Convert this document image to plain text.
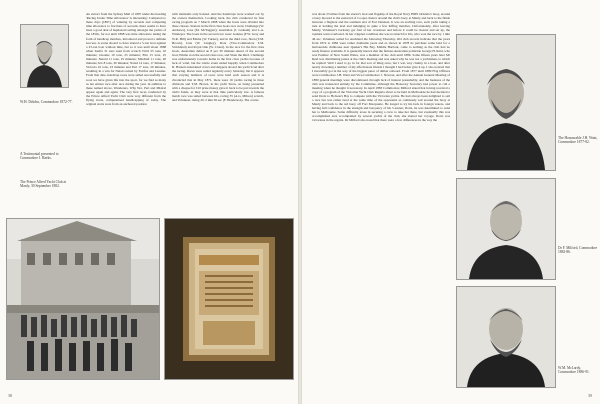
W.H. Delohn, Commodore 1872-77.
A Testimonial presented to Commodore I. Haeks.
The Prince Alfred Yacht Club at Manly, 30 September 1882.
An extract from the Sydney Mail of 1897 under the heading 'Racing Under Time Allowance' is interesting: Compared to these days [1897] of winning by seconds and computing time allowance to fractions of seconds, there seems to have been a good deal of haphazard sailing amongst the yachts of the 1850s, for not until 1868 was time allowance taking the form of handicap matches, introduced and proved a definite success. A scene aboard to have started a 5-ton boat against a 25-ton boat without time, but so it was until about 1868 when Xarifa 31 tons went from scratch Vivid 25 tons, 10 minutes; Gloame 10 tons, 25 minutes; Ella 15 tons, 25 minutes; Nereid 11 tons, 25 minutes; Mischief 11 tons, 20 minutes; Iris 8 tons, 30 minutes; Naiad 14 tons, 17 minutes; Victoria 10 tons, 23 minutes and Peri 17 tons, 20 minutes, resulting in a win for Naiad owned by Fairfax and Lassiter. From that date, handicap races were sailed successfully and soon we have given life into the sport, for we find as many as ten entries race after race during the year. In addition to these named above, Wanderers, Why Not, Peri and Mistral appear again and again. The very first races conducted by the Prince Alfred Yacht Club were very different from the flying starts, computerised handicapping of today. The original starts were from an anchored position
with mainsails only hoisted. And the handicaps were worked out by the owners themselves. Looking back, the club conducted its first racing program on 7 March 1868 when the boats were divided into three classes. Starters in the first class boats race were; Challenge (W. Andrews), Ione (M. McTaggart); Australian (J. Graham) and L.A. Windeyer. The boats in the second race were: Galatea (F.W. Gray and W.R. Hill) and Emma (W. Turner), and in the third race, Siren (T.M. Brown), Iona (W. Langley), Dora (Vice-Commodore T.M. Strickland) and Royal Oak (W. Cloud). In the race for the first class boats, Australian defied an 8 per 30 minutes ahead of the second boat; Emma won the second class race, and Siren the third. Challenge was unfortunately towards home in the first class yachts because of lack of wind, but the whole event ended happily when Commodore R. Harnett entertained crews and skippers aboard his yacht Scud after the racing. Races were sailed regularly every Saturday, but it appears that varying numbers of races were held each season and it is chronicled that in May 1871, there were 16 yachts racing in three divisions and T.M. Brown, in his yacht Siren, on being presented with a cheque for £10 prize money gave it back to be put towards the club's funds, as they were at that time particularly low. A famous match race was sailed between Iris, racing 35 (A.G. Milson) scratch, and Volunteer, rating 20, 2 min 36 sec (F. Henderson). The course
38
was about 23 miles from the starter's boat and flagship of the Royal Navy HMS Orlando's buoy, around a buoy moored to the eastward of Cooper, thence around the club's buoy at Manly and back to the finish between a flagboat and the southern end of Fort Denison. It was an exciting race, each yacht taking a turn at holding the lead and indulging in quite a few luffing matches. Unfortunately, after leaving Manly, Volunteer's backstay got foul of her crosstrees and before it could be cleared and set up, the topmast went overboard. In her crippled condition she was no match for Iris, who won the race by 1 min 46 sec, Volunteer sailed for Auckland the following Thursday. Old club records indicate that the years from 1874 to 1882 were rather doldrums years and as shown in 1878 its purchase some land for a harbourside clubhouse near Quaker's Hat Bay, Middle Harbour, came to nothing as the club had no ready finance available. It is generally known that the famous Australian politician George H. Reid, who was Premier of New South Wales, was a member of the club until 1886. Some fifteen years later Mr Reid was distributing prizes at the club's meeting and was asked why he was not a yachtsman, to which he replied: Well I used to go in for that sort of thing once, but I was very clumsy in a boat, and after nearly drowning a number of my affectionate friends I thought I had better give it up. I also noticed that I invariably got in the way of the biggest piece of timber onboard. From 1877 until 1880 Flag Officers were Commodore J.H. Want and Vice-Commodore J. Newton, and after the Annual General Meeting of 1880 general meetings were discontinued, through lack of interest presumably, and the business of the club was transacted entirely by the Committee, although the Honorary Secretary had power to call a meeting when he thought it necessary. In April 1883 Commodore Milford stated that having received a copy of a program of the Victorian Yacht Club Regatta about to be held in Melbourne he had decided to send Doris to Hobson's Bay to compete with the Victorian yachts. He had always been delighted to sail a race but was rather tired at the same time of the opponents as commonly sail around the buoy at Manly and back to the red buoy off Fort Macquarie. He longed to try his luck in foreign waters, and having full confidence in the strength and buoyancy of his 5-tonner, Doris, he was determined to send her to Melbourne. Some difficulty arose in securing a crew to take her there, but eventually this was accomplished and, accompanied by several yachts of the club, she started her voyage. Doris was victorious in the regatta. Dr Milford also noted that there were a few differences in the way the
The Honourable J.H. Want, Commodore 1877-82.
Dr F. Milford, Commodore 1882-86.
W.M. McLardy, Commodore 1886-91.
39
